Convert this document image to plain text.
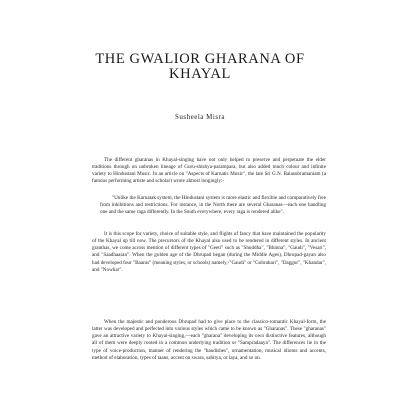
THE GWALIOR GHARANA OF
KHAYAL
Susheela Misra

The different gharanas in Khayal-singing have not only helped to preserve and perpetuate the elder traditions through on unbroken lineage of Guru-shishya-parampara, but also added much colour and infinite variety to Hindustani Music. In an article on "Aspects of Karnatic Music", the late Sri G.N. Balasubramaniam (a famous performing artiste and scholar) wrote almost longingly:-

"Unlike the Karnatak system, the Hindustani system is more elastic and flexible and comparatively free from inhibitions and restrictions. For instance, in the North there are several Gharanas—each one handling one and the same raga differently. In the South everywhere, every raga is rendered alike".

It is this scope for variety, choice of suitable style, and flights of fancy that have maintained the popularity of the Khayal up till now. The precursors of the Khayal also used to be rendered in different styles. In ancient granthas, we come across mention of different types of "Geeti" such as "Shuddha", "Bhinna", "Gaudi", "Vesari", and "Saadhaaran". When the golden age of the Dhrupad began (during the Middle Ages), Dhrupad-gayan also had developed four "Baanis" (meaning styles, or schools) namely,-"Gaudi" or "Gobrahari", "Daggur", "Khandar", and "Nowhar".

When the majestic and ponderous Dhrupad had to give place to the classico-romantic Khayal-form, the latter was developed and perfected into various styles which came to be known as "Gharanas". These "gharanas" gave an attractive variety to Khayal-singing,—each "gharana" developing its own distinctive features, although all of them were deeply rooted in a common underlying tradition or "Sampradaaya". The differences lie in the type of voice-production, manner of rendering the "bandishes", ornamentation, musical idioms and accents, method of elaboration, types of taans, accent on swara, sahitya, or laya, and so on.
